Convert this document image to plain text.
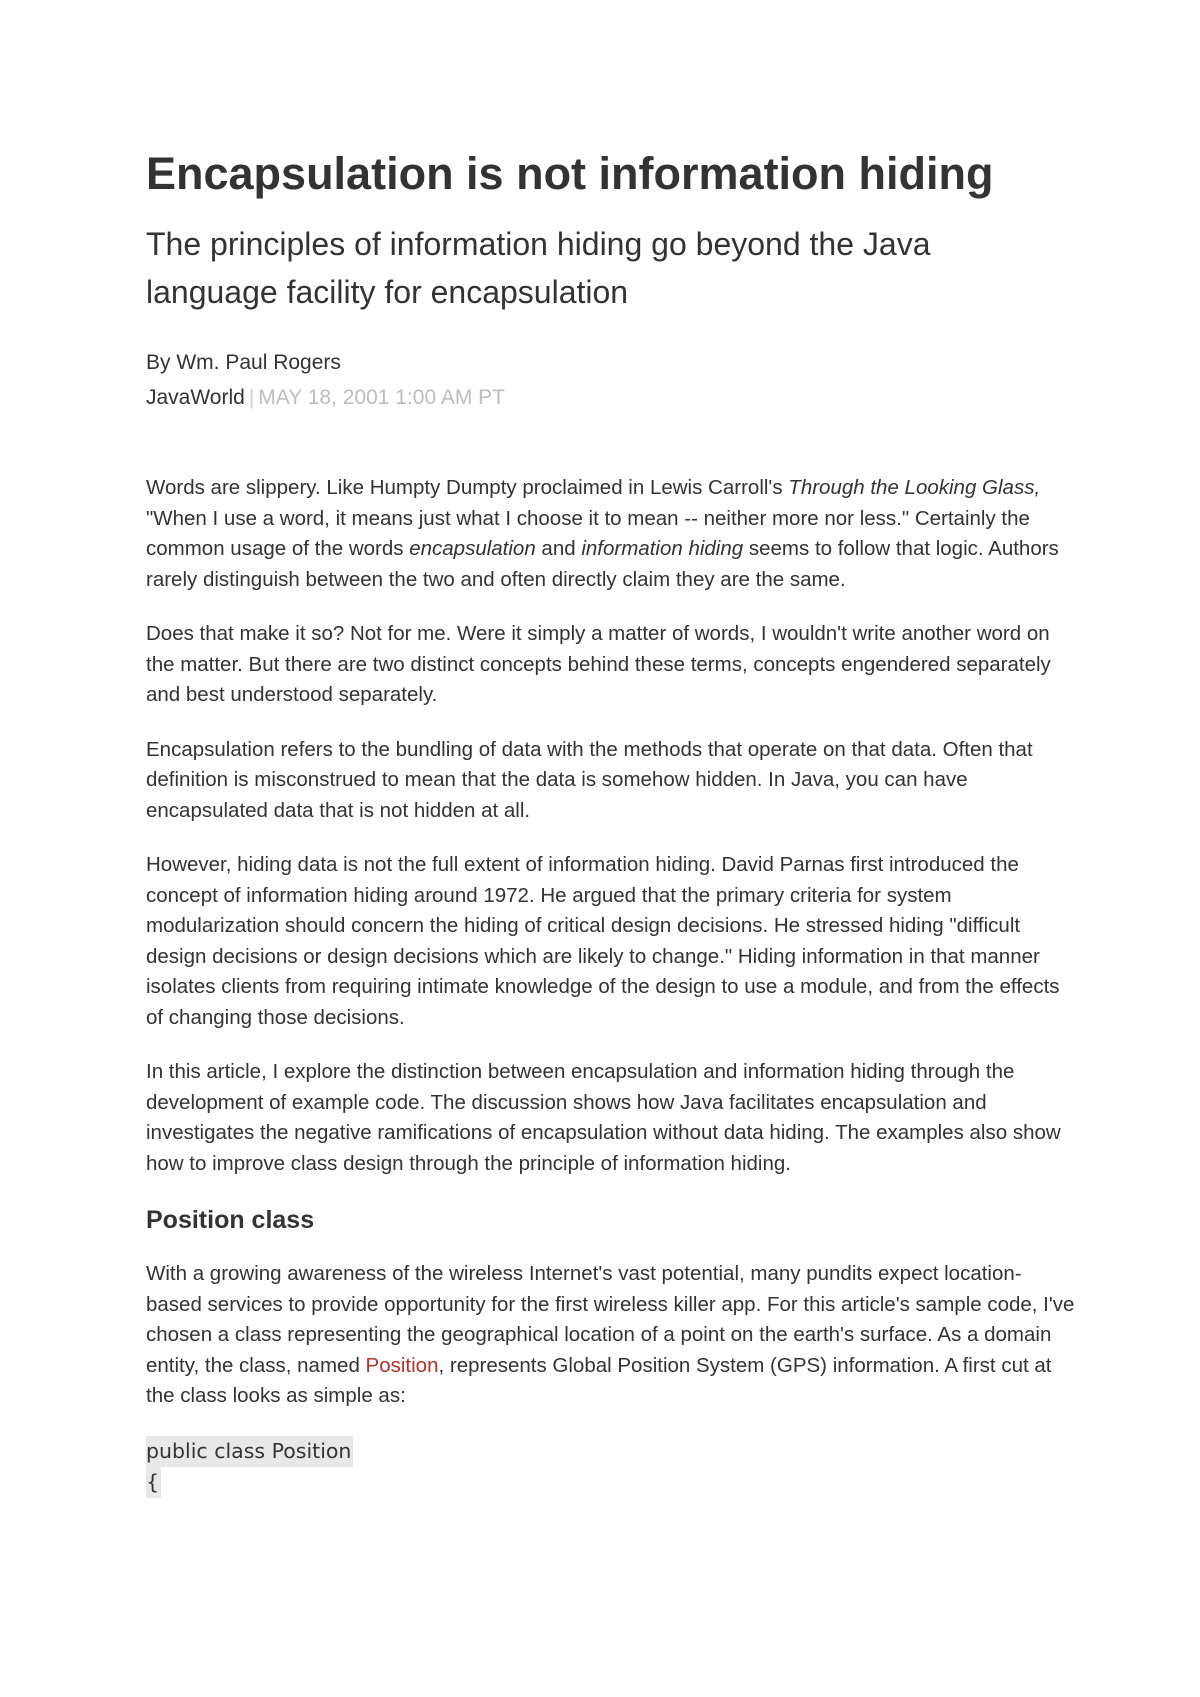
Encapsulation is not information hiding
The principles of information hiding go beyond the Java language facility for encapsulation
By Wm. Paul Rogers
JavaWorld | MAY 18, 2001 1:00 AM PT

Words are slippery. Like Humpty Dumpty proclaimed in Lewis Carroll's Through the Looking Glass, "When I use a word, it means just what I choose it to mean -- neither more nor less." Certainly the common usage of the words encapsulation and information hiding seems to follow that logic. Authors rarely distinguish between the two and often directly claim they are the same.

Does that make it so? Not for me. Were it simply a matter of words, I wouldn't write another word on the matter. But there are two distinct concepts behind these terms, concepts engendered separately and best understood separately.

Encapsulation refers to the bundling of data with the methods that operate on that data. Often that definition is misconstrued to mean that the data is somehow hidden. In Java, you can have encapsulated data that is not hidden at all.

However, hiding data is not the full extent of information hiding. David Parnas first introduced the concept of information hiding around 1972. He argued that the primary criteria for system modularization should concern the hiding of critical design decisions. He stressed hiding "difficult design decisions or design decisions which are likely to change." Hiding information in that manner isolates clients from requiring intimate knowledge of the design to use a module, and from the effects of changing those decisions.

In this article, I explore the distinction between encapsulation and information hiding through the development of example code. The discussion shows how Java facilitates encapsulation and investigates the negative ramifications of encapsulation without data hiding. The examples also show how to improve class design through the principle of information hiding.

Position class

With a growing awareness of the wireless Internet's vast potential, many pundits expect location-based services to provide opportunity for the first wireless killer app. For this article's sample code, I've chosen a class representing the geographical location of a point on the earth's surface. As a domain entity, the class, named Position, represents Global Position System (GPS) information. A first cut at the class looks as simple as:

public class Position
{
